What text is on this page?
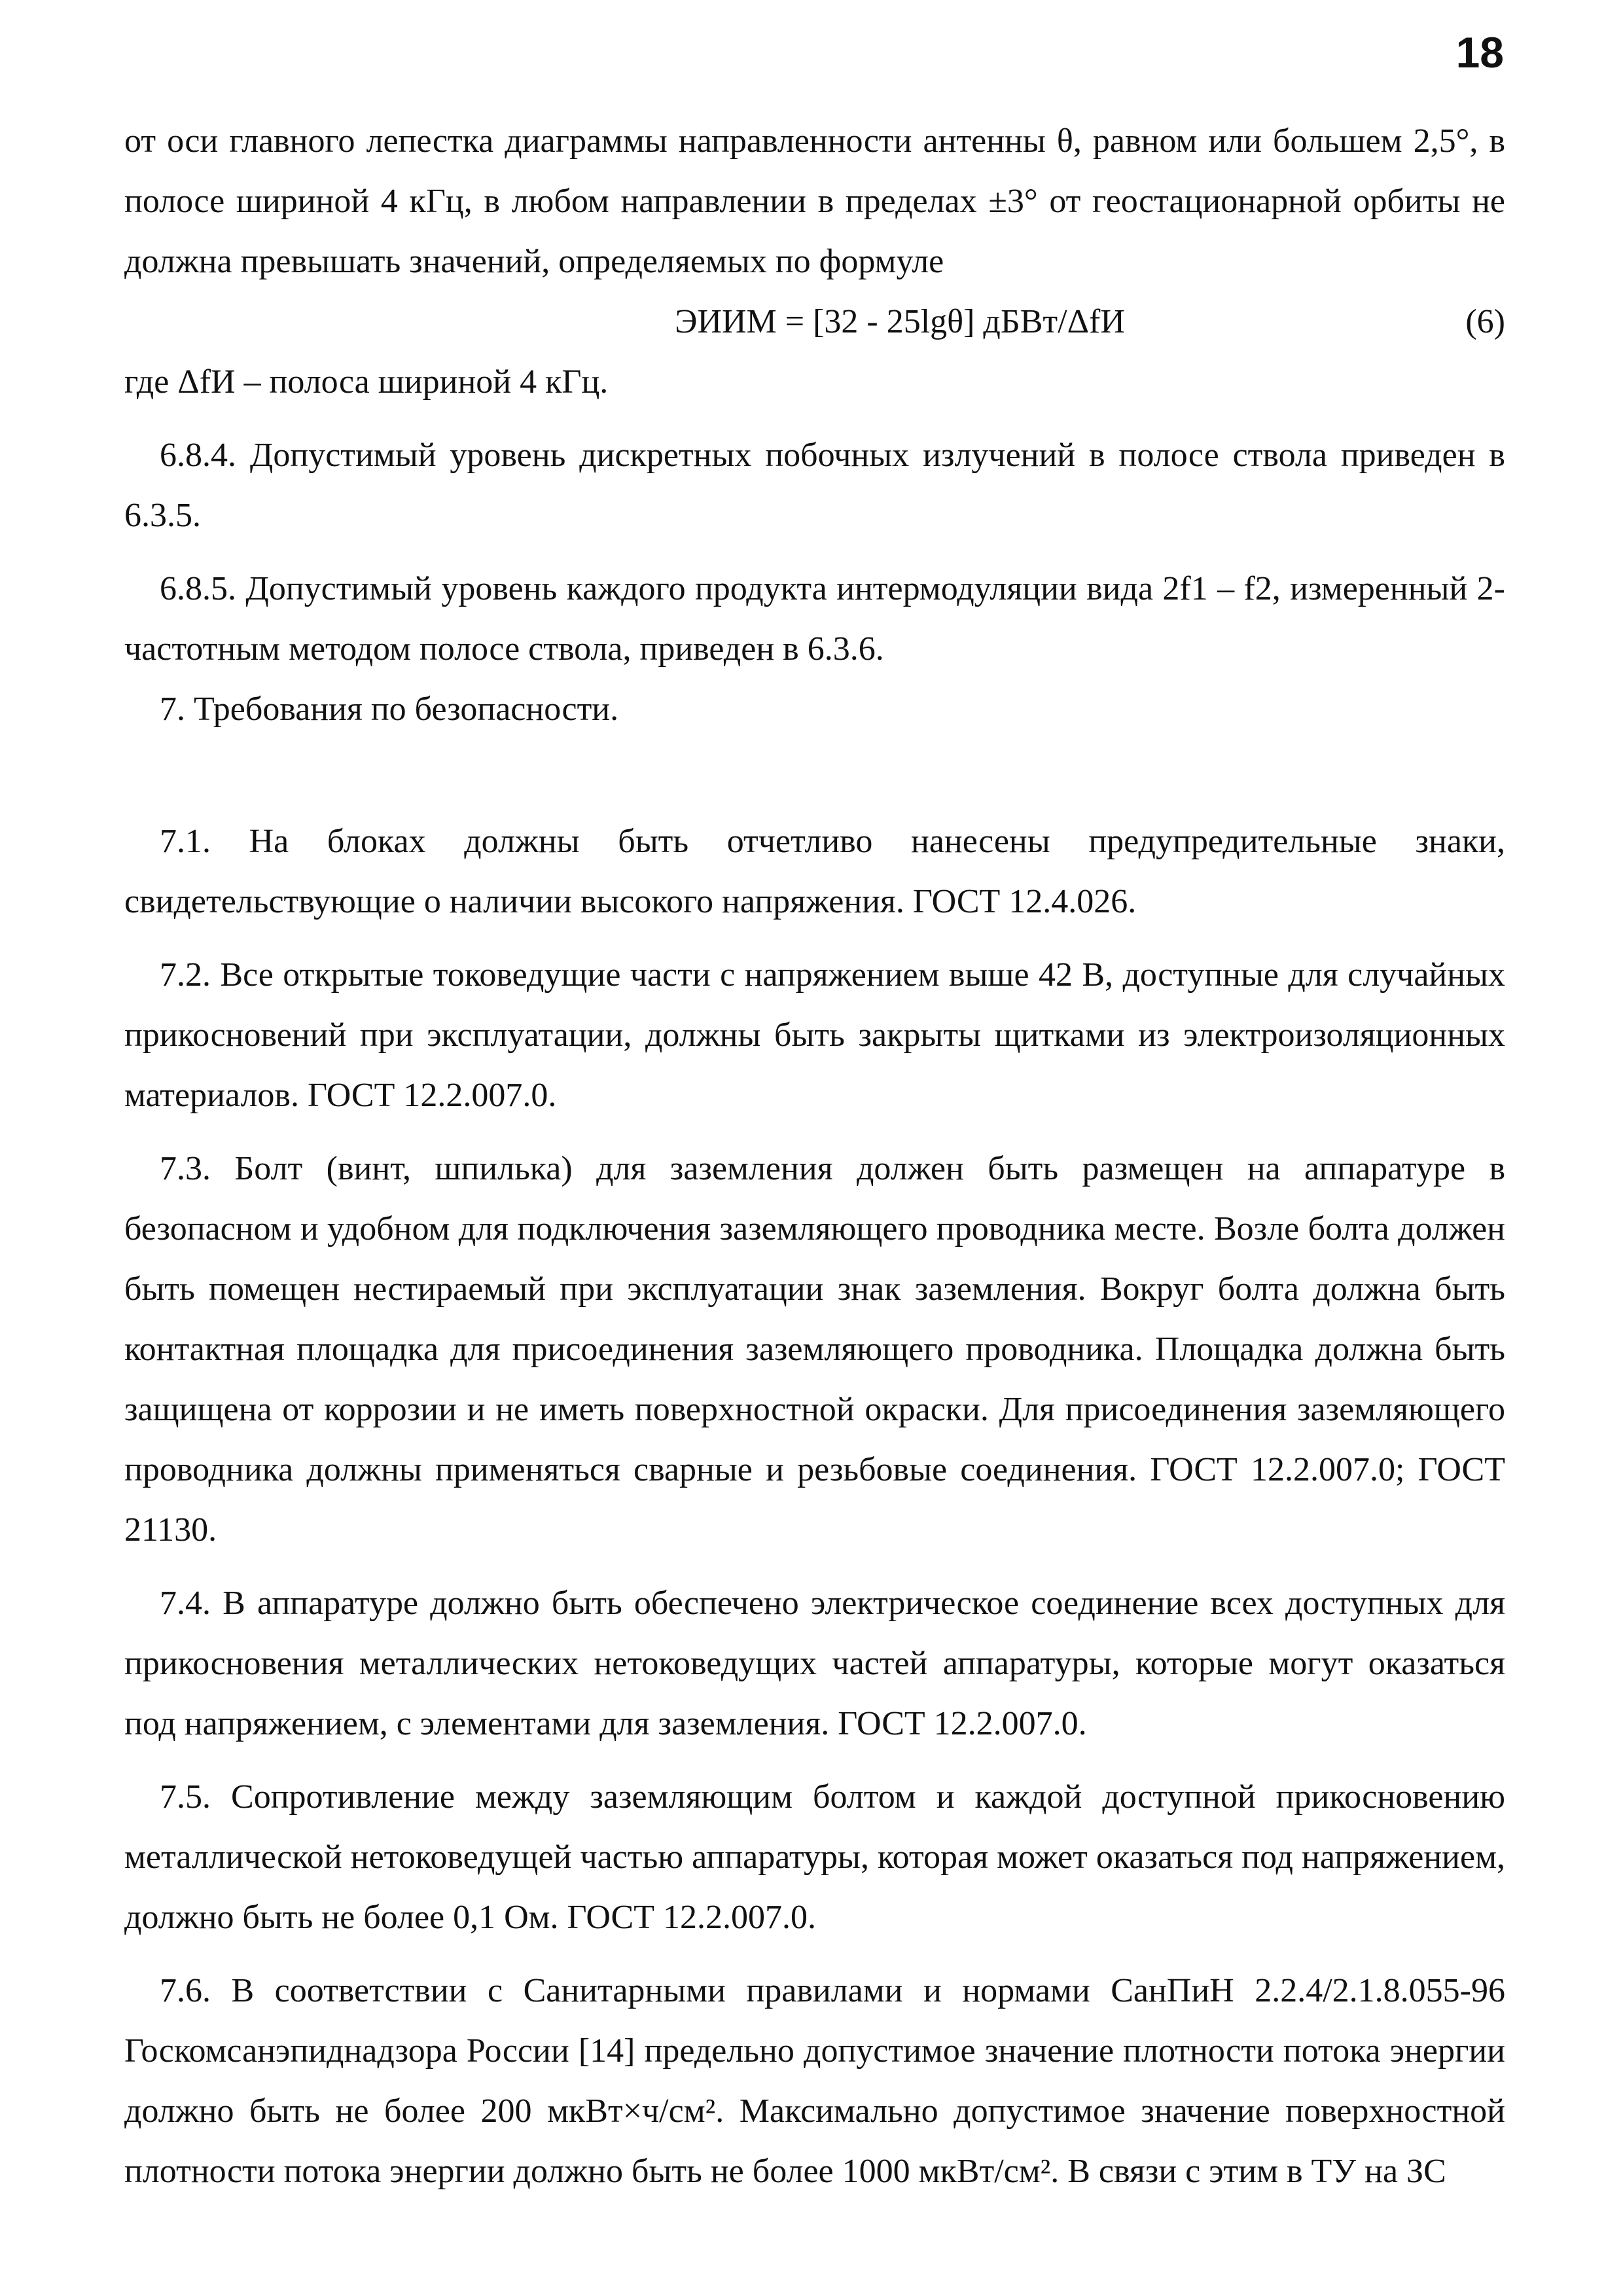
18

от оси главного лепестка диаграммы направленности антенны θ, равном или большем 2,5°, в полосе шириной 4 кГц, в любом направлении в пределах ±3° от геостационарной орбиты не должна превышать значений, определяемых по формуле

ЭИИМ = [32 - 25lgθ] дБВт/ΔfИ	(6)

где ΔfИ – полоса шириной 4 кГц.

6.8.4. Допустимый уровень дискретных побочных излучений в полосе ствола приведен в 6.3.5.

6.8.5. Допустимый уровень каждого продукта интермодуляции вида 2f1 – f2, измеренный 2-частотным методом полосе ствола, приведен в 6.3.6.

7. Требования по безопасности.

7.1. На блоках должны быть отчетливо нанесены предупредительные знаки, свидетельствующие о наличии высокого напряжения. ГОСТ 12.4.026.

7.2. Все открытые токоведущие части с напряжением выше 42 В, доступные для случайных прикосновений при эксплуатации, должны быть закрыты щитками из электроизоляционных материалов. ГОСТ 12.2.007.0.

7.3. Болт (винт, шпилька) для заземления должен быть размещен на аппаратуре в безопасном и удобном для подключения заземляющего проводника месте. Возле болта должен быть помещен нестираемый при эксплуатации знак заземления. Вокруг болта должна быть контактная площадка для присоединения заземляющего проводника. Площадка должна быть защищена от коррозии и не иметь поверхностной окраски. Для присоединения заземляющего проводника должны применяться сварные и резьбовые соединения. ГОСТ 12.2.007.0; ГОСТ 21130.

7.4. В аппаратуре должно быть обеспечено электрическое соединение всех доступных для прикосновения металлических нетоковедущих частей аппаратуры, которые могут оказаться под напряжением, с элементами для заземления. ГОСТ 12.2.007.0.

7.5. Сопротивление между заземляющим болтом и каждой доступной прикосновению металлической нетоковедущей частью аппаратуры, которая может оказаться под напряжением, должно быть не более 0,1 Ом. ГОСТ 12.2.007.0.

7.6. В соответствии с Санитарными правилами и нормами СанПиН 2.2.4/2.1.8.055-96 Госкомсанэпиднадзора России [14] предельно допустимое значение плотности потока энергии должно быть не более 200 мкВт×ч/см². Максимально допустимое значение поверхностной плотности потока энергии должно быть не более 1000 мкВт/см². В связи с этим в ТУ на ЗС
